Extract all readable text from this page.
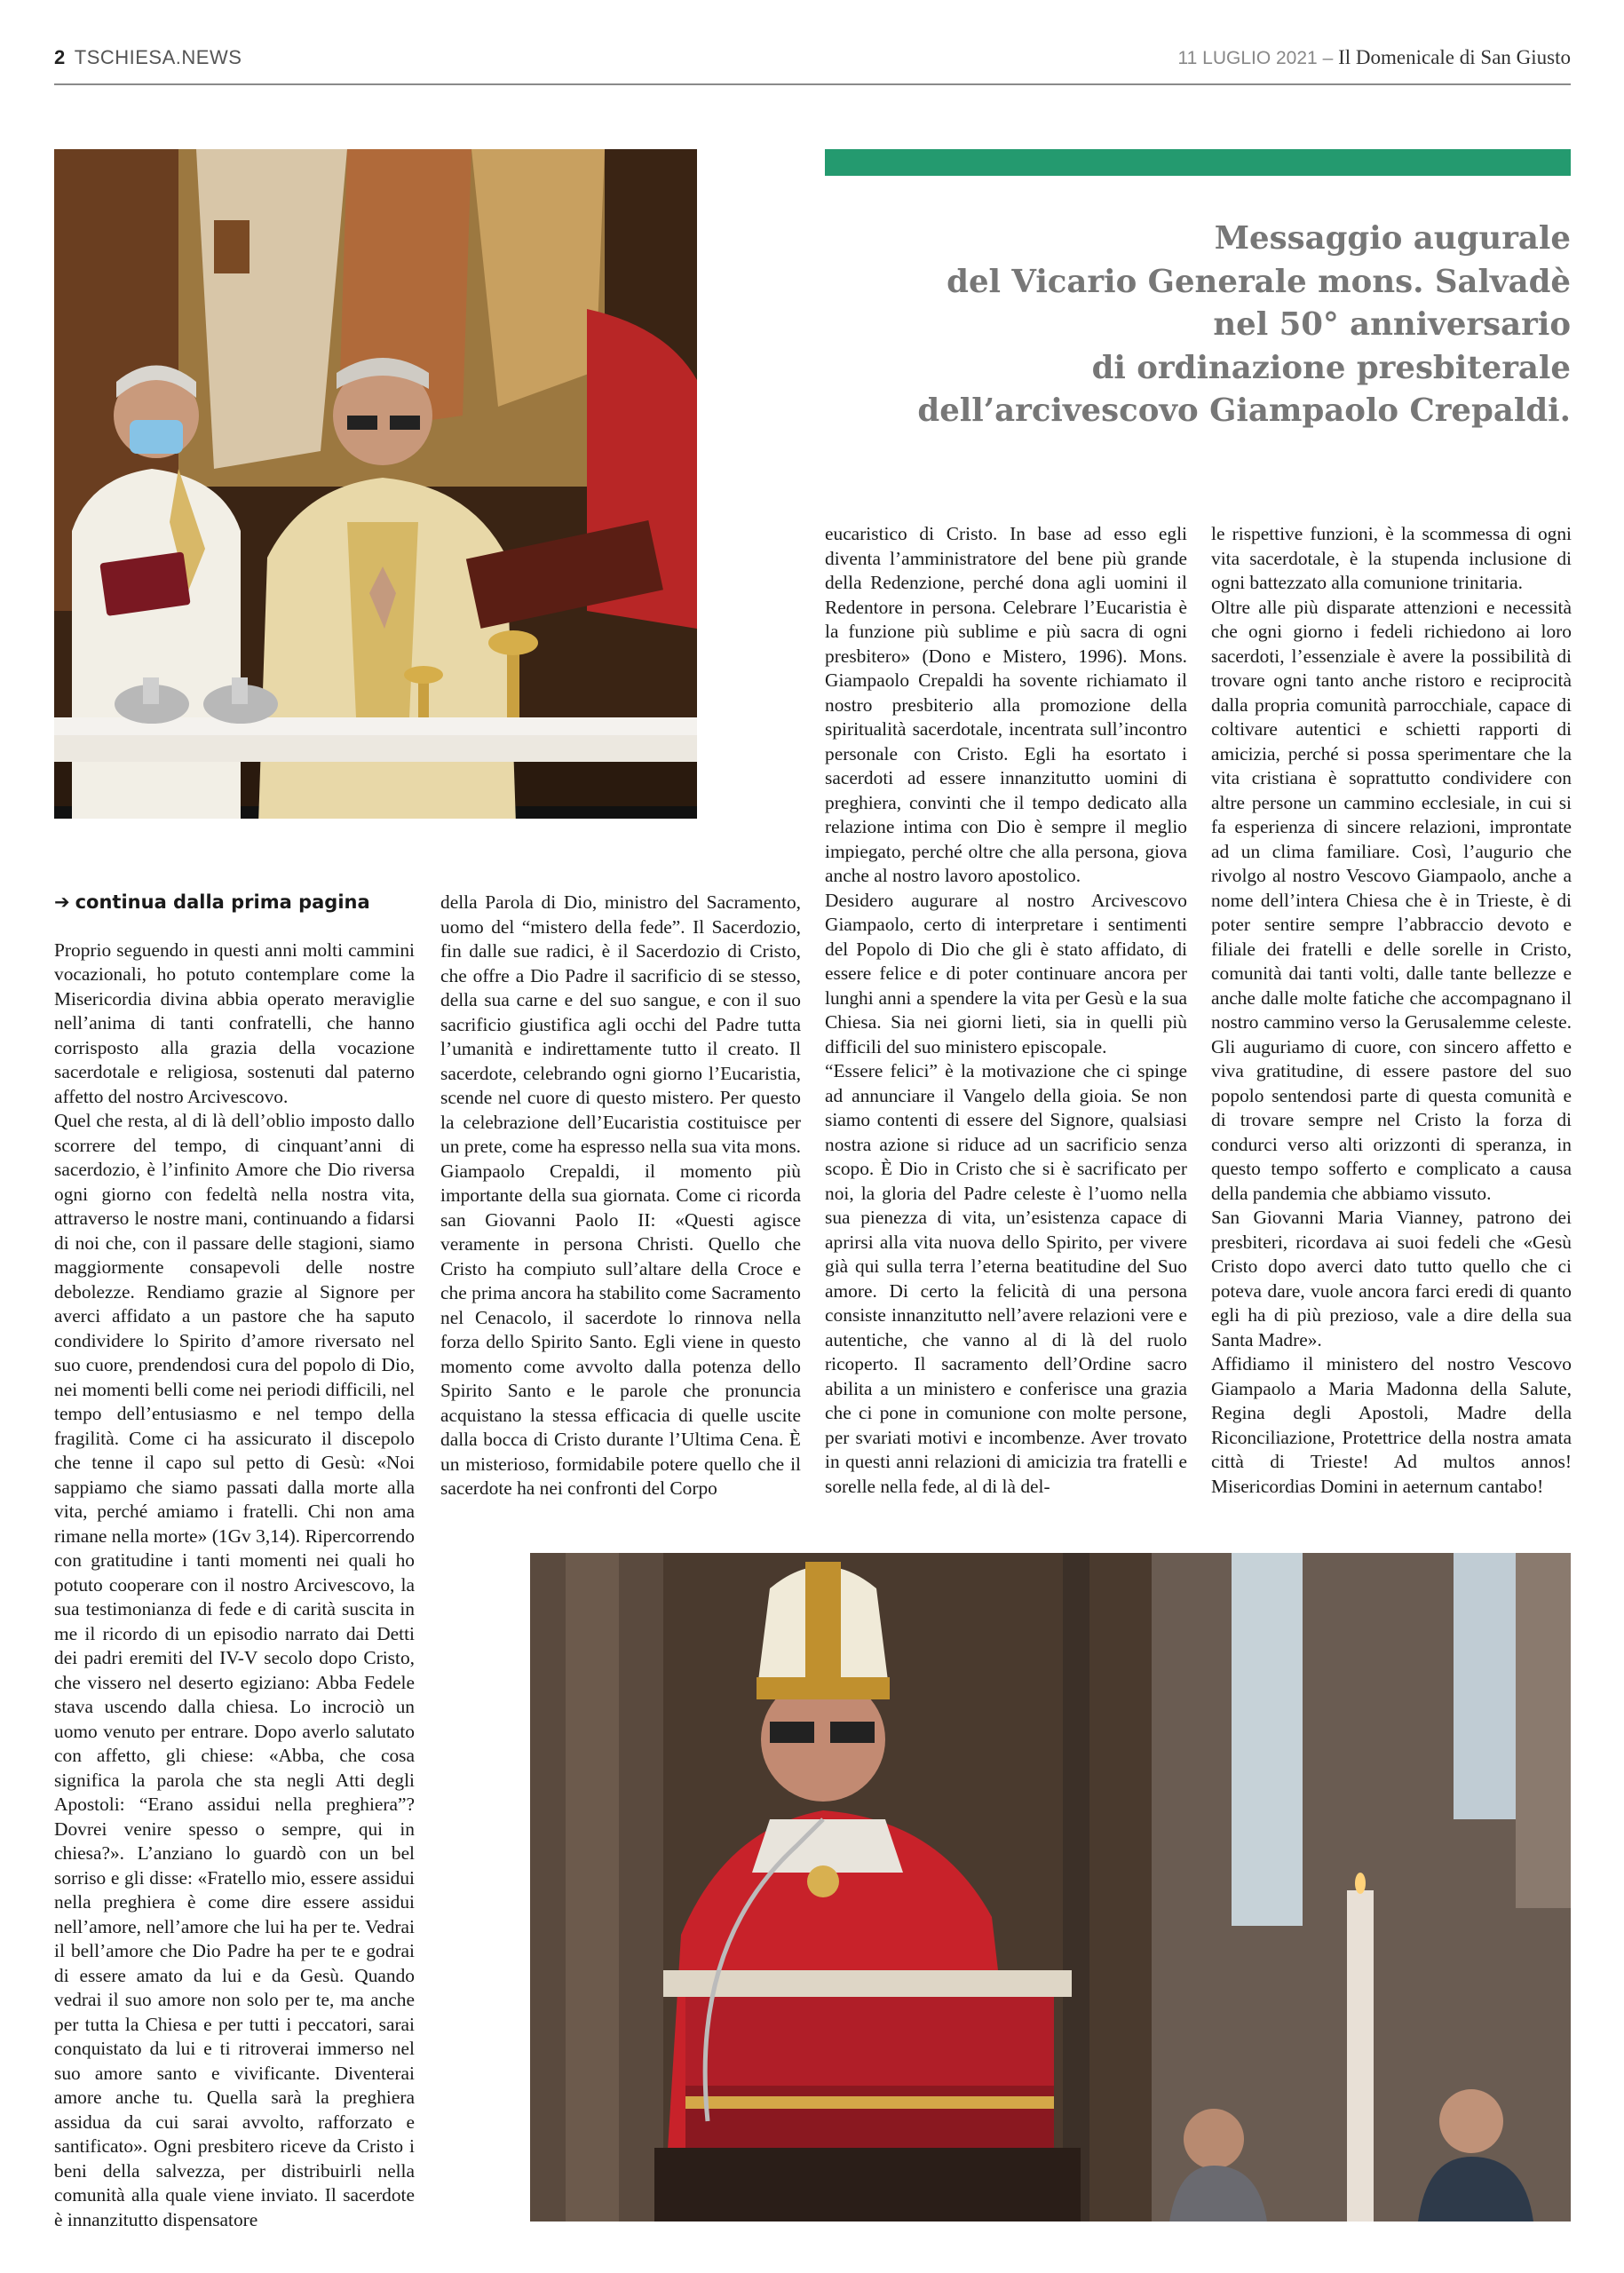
2 TSCHIESA.NEWS	11 LUGLIO 2021 – Il Domenicale di San Giusto
Messaggio augurale
del Vicario Generale mons. Salvadè
nel 50° anniversario
di ordinazione presbiterale
dell’arcivescovo Giampaolo Crepaldi.
➔ continua dalla prima pagina

Proprio seguendo in questi anni molti cammini vocazionali, ho potuto contemplare come la Misericordia divina abbia operato meraviglie nell’anima di tanti confratelli, che hanno corrisposto alla grazia della vocazione sacerdotale e religiosa, sostenuti dal paterno affetto del nostro Arcivescovo.

Quel che resta, al di là dell’oblio imposto dallo scorrere del tempo, di cinquant’anni di sacerdozio, è l’infinito Amore che Dio riversa ogni giorno con fedeltà nella nostra vita, attraverso le nostre mani, continuando a fidarsi di noi che, con il passare delle stagioni, siamo maggiormente consapevoli delle nostre debolezze. Rendiamo grazie al Signore per averci affidato a un pastore che ha saputo condividere lo Spirito d’amore riversato nel suo cuore, prendendosi cura del popolo di Dio, nei momenti belli come nei periodi difficili, nel tempo dell’entusiasmo e nel tempo della fragilità. Come ci ha assicurato il discepolo che tenne il capo sul petto di Gesù: «Noi sappiamo che siamo passati dalla morte alla vita, perché amiamo i fratelli. Chi non ama rimane nella morte» (1Gv 3,14). Ripercorrendo con gratitudine i tanti momenti nei quali ho potuto cooperare con il nostro Arcivescovo, la sua testimonianza di fede e di carità suscita in me il ricordo di un episodio narrato dai Detti dei padri eremiti del IV-V secolo dopo Cristo, che vissero nel deserto egiziano: Abba Fedele stava uscendo dalla chiesa. Lo incrociò un uomo venuto per entrare. Dopo averlo salutato con affetto, gli chiese: «Abba, che cosa significa la parola che sta negli Atti degli Apostoli: “Erano assidui nella preghiera”? Dovrei venire spesso o sempre, qui in chiesa?». L’anziano lo guardò con un bel sorriso e gli disse: «Fratello mio, essere assidui nella preghiera è come dire essere assidui nell’amore, nell’amore che lui ha per te. Vedrai il bell’amore che Dio Padre ha per te e godrai di essere amato da lui e da Gesù. Quando vedrai il suo amore non solo per te, ma anche per tutta la Chiesa e per tutti i peccatori, sarai conquistato da lui e ti ritroverai immerso nel suo amore santo e vivificante. Diventerai amore anche tu. Quella sarà la preghiera assidua da cui sarai avvolto, rafforzato e santificato». Ogni presbitero riceve da Cristo i beni della salvezza, per distribuirli nella comunità alla quale viene inviato. Il sacerdote è innanzitutto dispensatore

della Parola di Dio, ministro del Sacramento, uomo del “mistero della fede”. Il Sacerdozio, fin dalle sue radici, è il Sacerdozio di Cristo, che offre a Dio Padre il sacrificio di se stesso, della sua carne e del suo sangue, e con il suo sacrificio giustifica agli occhi del Padre tutta l’umanità e indirettamente tutto il creato. Il sacerdote, celebrando ogni giorno l’Eucaristia, scende nel cuore di questo mistero. Per questo la celebrazione dell’Eucaristia costituisce per un prete, come ha espresso nella sua vita mons. Giampaolo Crepaldi, il momento più importante della sua giornata. Come ci ricorda san Giovanni Paolo II: «Questi agisce veramente in persona Christi. Quello che Cristo ha compiuto sull’altare della Croce e che prima ancora ha stabilito come Sacramento nel Cenacolo, il sacerdote lo rinnova nella forza dello Spirito Santo. Egli viene in questo momento come avvolto dalla potenza dello Spirito Santo e le parole che pronuncia acquistano la stessa efficacia di quelle uscite dalla bocca di Cristo durante l’Ultima Cena. È un misterioso, formidabile potere quello che il sacerdote ha nei confronti del Corpo

eucaristico di Cristo. In base ad esso egli diventa l’amministratore del bene più grande della Redenzione, perché dona agli uomini il Redentore in persona. Celebrare l’Eucaristia è la funzione più sublime e più sacra di ogni presbitero» (Dono e Mistero, 1996). Mons. Giampaolo Crepaldi ha sovente richiamato il nostro presbiterio alla promozione della spiritualità sacerdotale, incentrata sull’incontro personale con Cristo. Egli ha esortato i sacerdoti ad essere innanzitutto uomini di preghiera, convinti che il tempo dedicato alla relazione intima con Dio è sempre il meglio impiegato, perché oltre che alla persona, giova anche al nostro lavoro apostolico.

Desidero augurare al nostro Arcivescovo Giampaolo, certo di interpretare i sentimenti del Popolo di Dio che gli è stato affidato, di essere felice e di poter continuare ancora per lunghi anni a spendere la vita per Gesù e la sua Chiesa. Sia nei giorni lieti, sia in quelli più difficili del suo ministero episcopale.

“Essere felici” è la motivazione che ci spinge ad annunciare il Vangelo della gioia. Se non siamo contenti di essere del Signore, qualsiasi nostra azione si riduce ad un sacrificio senza scopo. È Dio in Cristo che si è sacrificato per noi, la gloria del Padre celeste è l’uomo nella sua pienezza di vita, un’esistenza capace di aprirsi alla vita nuova dello Spirito, per vivere già qui sulla terra l’eterna beatitudine del Suo amore. Di certo la felicità di una persona consiste innanzitutto nell’avere relazioni vere e autentiche, che vanno al di là del ruolo ricoperto. Il sacramento dell’Ordine sacro abilita a un ministero e conferisce una grazia che ci pone in comunione con molte persone, per svariati motivi e incombenze. Aver trovato in questi anni relazioni di amicizia tra fratelli e sorelle nella fede, al di là del-

le rispettive funzioni, è la scommessa di ogni vita sacerdotale, è la stupenda inclusione di ogni battezzato alla comunione trinitaria.

Oltre alle più disparate attenzioni e necessità che ogni giorno i fedeli richiedono ai loro sacerdoti, l’essenziale è avere la possibilità di trovare ogni tanto anche ristoro e reciprocità dalla propria comunità parrocchiale, capace di coltivare autentici e schietti rapporti di amicizia, perché si possa sperimentare che la vita cristiana è soprattutto condividere con altre persone un cammino ecclesiale, in cui si fa esperienza di sincere relazioni, improntate ad un clima familiare. Così, l’augurio che rivolgo al nostro Vescovo Giampaolo, anche a nome dell’intera Chiesa che è in Trieste, è di poter sentire sempre l’abbraccio devoto e filiale dei fratelli e delle sorelle in Cristo, comunità dai tanti volti, dalle tante bellezze e anche dalle molte fatiche che accompagnano il nostro cammino verso la Gerusalemme celeste. Gli auguriamo di cuore, con sincero affetto e viva gratitudine, di essere pastore del suo popolo sentendosi parte di questa comunità e di trovare sempre nel Cristo la forza di condurci verso alti orizzonti di speranza, in questo tempo sofferto e complicato a causa della pandemia che abbiamo vissuto.

San Giovanni Maria Vianney, patrono dei presbiteri, ricordava ai suoi fedeli che «Gesù Cristo dopo averci dato tutto quello che ci poteva dare, vuole ancora farci eredi di quanto egli ha di più prezioso, vale a dire della sua Santa Madre».

Affidiamo il ministero del nostro Vescovo Giampaolo a Maria Madonna della Salute, Regina degli Apostoli, Madre della Riconciliazione, Protettrice della nostra amata città di Trieste! Ad multos annos! Misericordias Domini in aeternum cantabo!
